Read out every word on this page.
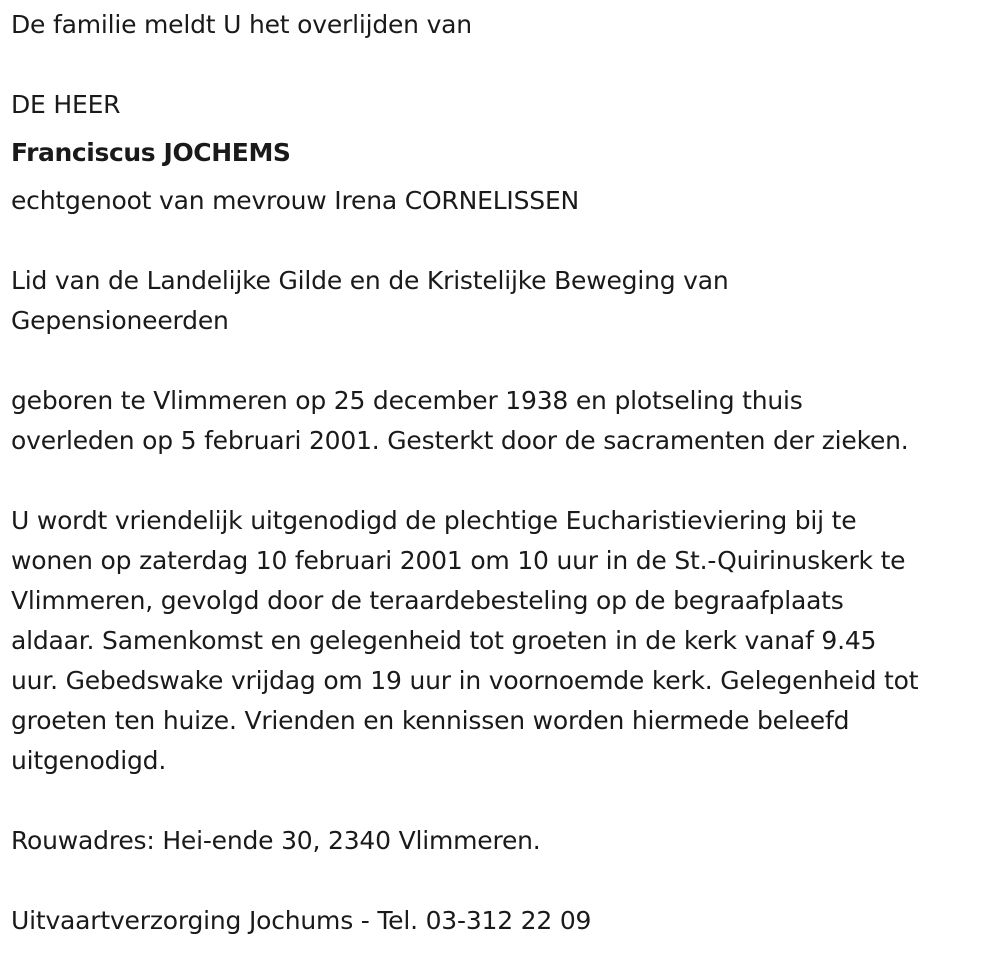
De familie meldt U het overlijden van
DE HEER
Franciscus JOCHEMS
echtgenoot van mevrouw Irena CORNELISSEN
Lid van de Landelijke Gilde en de Kristelijke Beweging van
Gepensioneerden
geboren te Vlimmeren op 25 december 1938 en plotseling thuis
overleden op 5 februari 2001. Gesterkt door de sacramenten der zieken.
U wordt vriendelijk uitgenodigd de plechtige Eucharistieviering bij te
wonen op zaterdag 10 februari 2001 om 10 uur in de St.-Quirinuskerk te
Vlimmeren, gevolgd door de teraardebesteling op de begraafplaats
aldaar. Samenkomst en gelegenheid tot groeten in de kerk vanaf 9.45
uur. Gebedswake vrijdag om 19 uur in voornoemde kerk. Gelegenheid tot
groeten ten huize. Vrienden en kennissen worden hiermede beleefd
uitgenodigd.
Rouwadres: Hei-ende 30, 2340 Vlimmeren.
Uitvaartverzorging Jochums - Tel. 03-312 22 09
